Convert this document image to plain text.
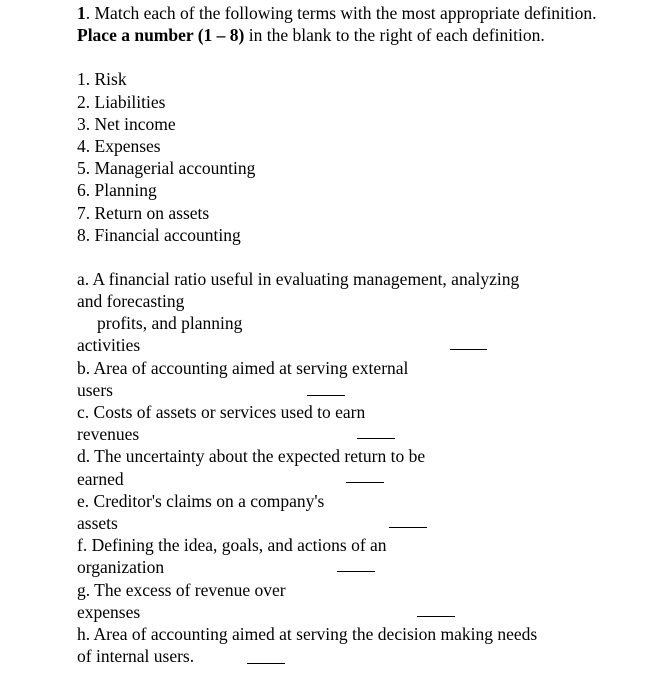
1. Match each of the following terms with the most appropriate definition. Place a number (1 – 8) in the blank to the right of each definition.

1. Risk
2. Liabilities
3. Net income
4. Expenses
5. Managerial accounting
6. Planning
7. Return on assets
8. Financial accounting
a. A financial ratio useful in evaluating management, analyzing
and forecasting
profits, and planning
activities
b. Area of accounting aimed at serving external
users
c. Costs of assets or services used to earn
revenues
d. The uncertainty about the expected return to be
earned
e. Creditor's claims on a company's
assets
f. Defining the idea, goals, and actions of an
organization
g. The excess of revenue over
expenses
h. Area of accounting aimed at serving the decision making needs
of internal users.
